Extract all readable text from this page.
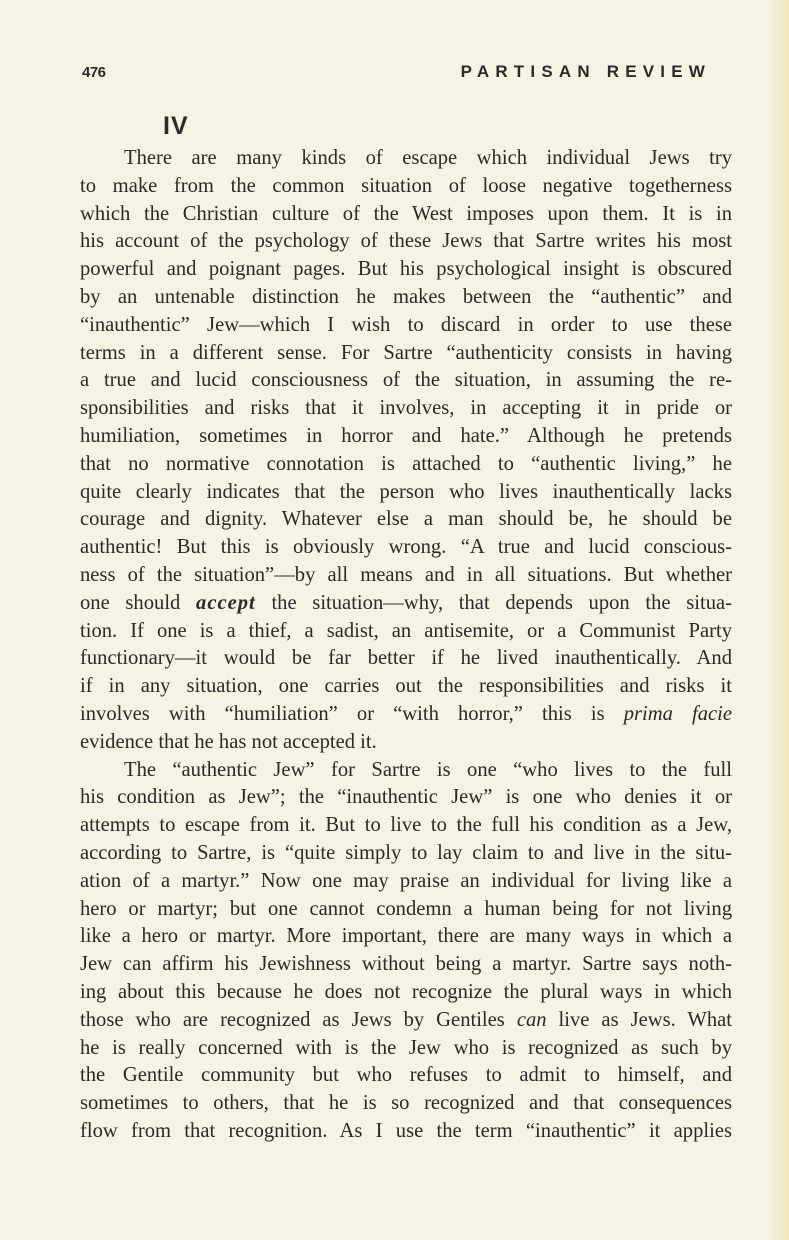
476	PARTISAN REVIEW
IV
There are many kinds of escape which individual Jews try
to make from the common situation of loose negative togetherness
which the Christian culture of the West imposes upon them. It is in
his account of the psychology of these Jews that Sartre writes his most
powerful and poignant pages. But his psychological insight is obscured
by an untenable distinction he makes between the “authentic” and
“inauthentic” Jew—which I wish to discard in order to use these
terms in a different sense. For Sartre “authenticity consists in having
a true and lucid consciousness of the situation, in assuming the re-
sponsibilities and risks that it involves, in accepting it in pride or
humiliation, sometimes in horror and hate.” Although he pretends
that no normative connotation is attached to “authentic living,” he
quite clearly indicates that the person who lives inauthentically lacks
courage and dignity. Whatever else a man should be, he should be
authentic! But this is obviously wrong. “A true and lucid conscious-
ness of the situation”—by all means and in all situations. But whether
one should accept the situation—why, that depends upon the situa-
tion. If one is a thief, a sadist, an antisemite, or a Communist Party
functionary—it would be far better if he lived inauthentically. And
if in any situation, one carries out the responsibilities and risks it
involves with “humiliation” or “with horror,” this is prima facie
evidence that he has not accepted it.
The “authentic Jew” for Sartre is one “who lives to the full
his condition as Jew”; the “inauthentic Jew” is one who denies it or
attempts to escape from it. But to live to the full his condition as a Jew,
according to Sartre, is “quite simply to lay claim to and live in the situ-
ation of a martyr.” Now one may praise an individual for living like a
hero or martyr; but one cannot condemn a human being for not living
like a hero or martyr. More important, there are many ways in which a
Jew can affirm his Jewishness without being a martyr. Sartre says noth-
ing about this because he does not recognize the plural ways in which
those who are recognized as Jews by Gentiles can live as Jews. What
he is really concerned with is the Jew who is recognized as such by
the Gentile community but who refuses to admit to himself, and
sometimes to others, that he is so recognized and that consequences
flow from that recognition. As I use the term “inauthentic” it applies
